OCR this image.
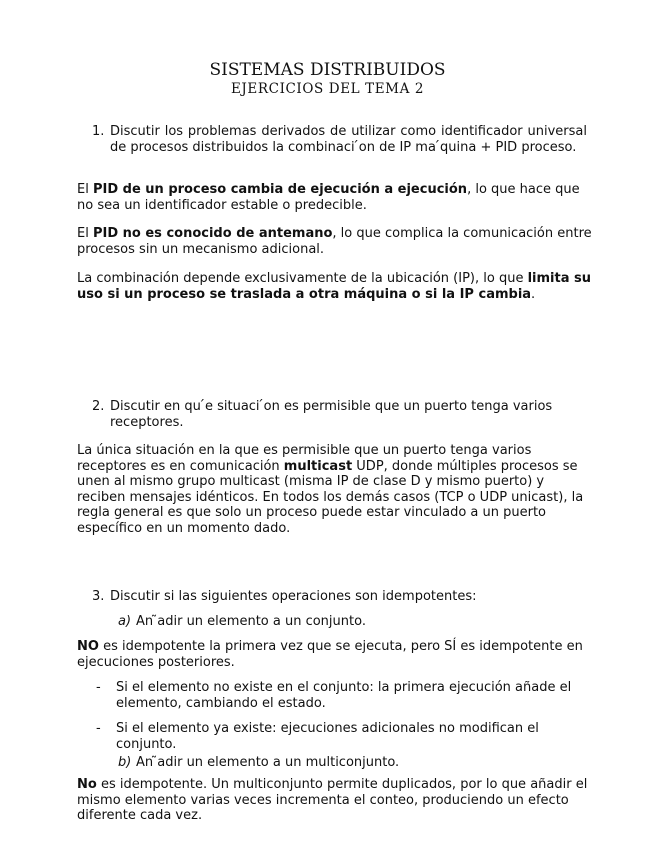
SISTEMAS DISTRIBUIDOS
EJERCICIOS DEL TEMA 2
1. Discutir los problemas derivados de utilizar como identificador universal de procesos distribuidos la combinaci ́on de IP ma ́quina + PID proceso.
El PID de un proceso cambia de ejecución a ejecución, lo que hace que no sea un identificador estable o predecible.
El PID no es conocido de antemano, lo que complica la comunicación entre procesos sin un mecanismo adicional.
La combinación depende exclusivamente de la ubicación (IP), lo que limita su uso si un proceso se traslada a otra máquina o si la IP cambia.
2. Discutir en qu ́e situaci ́on es permisible que un puerto tenga varios receptores.
La única situación en la que es permisible que un puerto tenga varios receptores es en comunicación multicast UDP, donde múltiples procesos se unen al mismo grupo multicast (misma IP de clase D y mismo puerto) y reciben mensajes idénticos. En todos los demás casos (TCP o UDP unicast), la regla general es que solo un proceso puede estar vinculado a un puerto específico en un momento dado.
3. Discutir si las siguientes operaciones son idempotentes:
a) An ̃adir un elemento a un conjunto.
NO es idempotente la primera vez que se ejecuta, pero SÍ es idempotente en ejecuciones posteriores.
- Si el elemento no existe en el conjunto: la primera ejecución añade el elemento, cambiando el estado.
- Si el elemento ya existe: ejecuciones adicionales no modifican el conjunto.
b) An ̃adir un elemento a un multiconjunto.
No es idempotente. Un multiconjunto permite duplicados, por lo que añadir el mismo elemento varias veces incrementa el conteo, produciendo un efecto diferente cada vez.
